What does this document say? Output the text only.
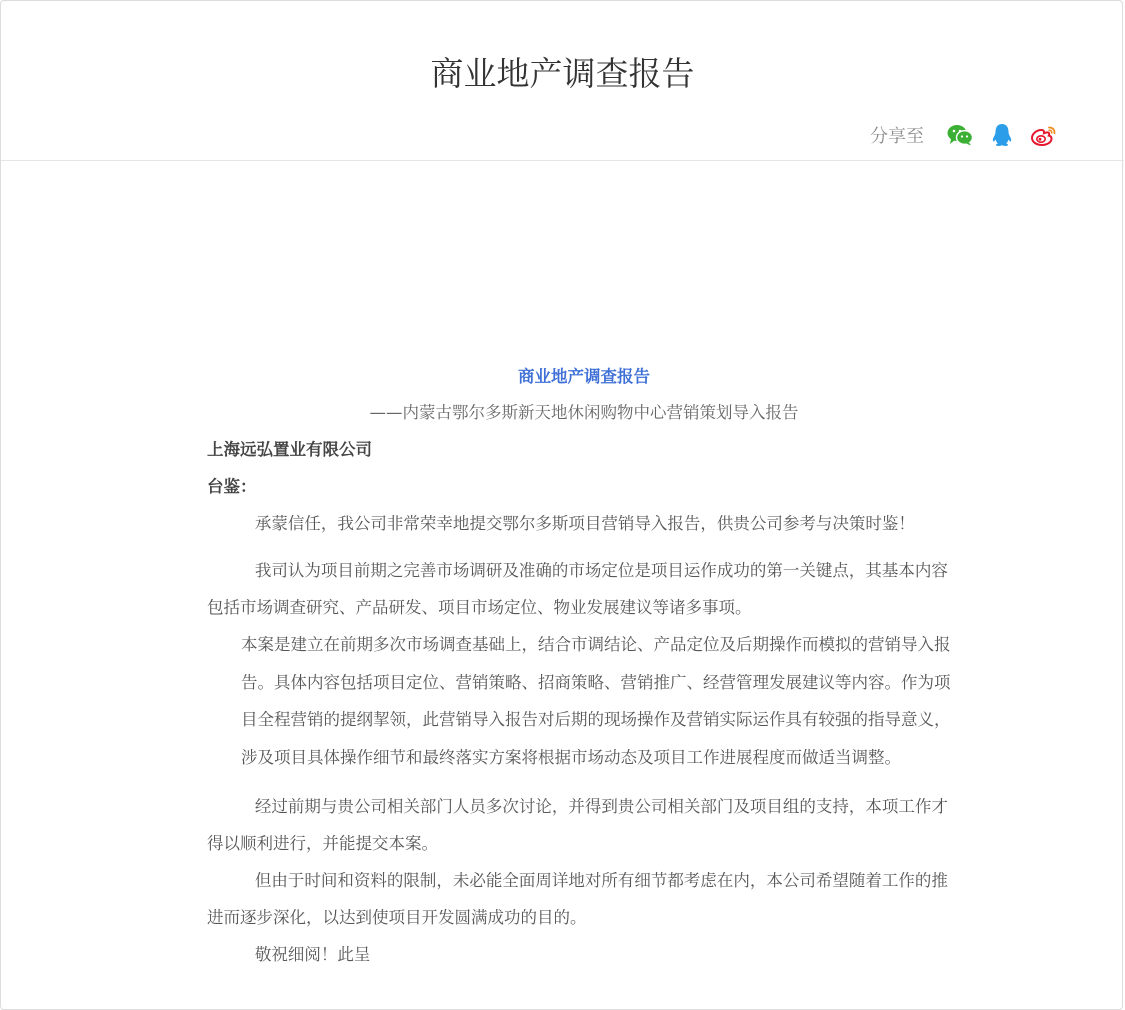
商业地产调查报告
分享至

商业地产调查报告

——内蒙古鄂尔多斯新天地休闲购物中心营销策划导入报告

上海远弘置业有限公司

台鉴：

承蒙信任，我公司非常荣幸地提交鄂尔多斯项目营销导入报告，供贵公司参考与决策时鉴！

我司认为项目前期之完善市场调研及准确的市场定位是项目运作成功的第一关键点，其基本内容包括市场调查研究、产品研发、项目市场定位、物业发展建议等诸多事项。

本案是建立在前期多次市场调查基础上，结合市调结论、产品定位及后期操作而模拟的营销导入报告。具体内容包括项目定位、营销策略、招商策略、营销推广、经营管理发展建议等内容。作为项目全程营销的提纲挈领，此营销导入报告对后期的现场操作及营销实际运作具有较强的指导意义，涉及项目具体操作细节和最终落实方案将根据市场动态及项目工作进展程度而做适当调整。

经过前期与贵公司相关部门人员多次讨论，并得到贵公司相关部门及项目组的支持，本项工作才得以顺利进行，并能提交本案。

但由于时间和资料的限制，未必能全面周详地对所有细节都考虑在内，本公司希望随着工作的推进而逐步深化，以达到使项目开发圆满成功的目的。

敬祝细阅！此呈
